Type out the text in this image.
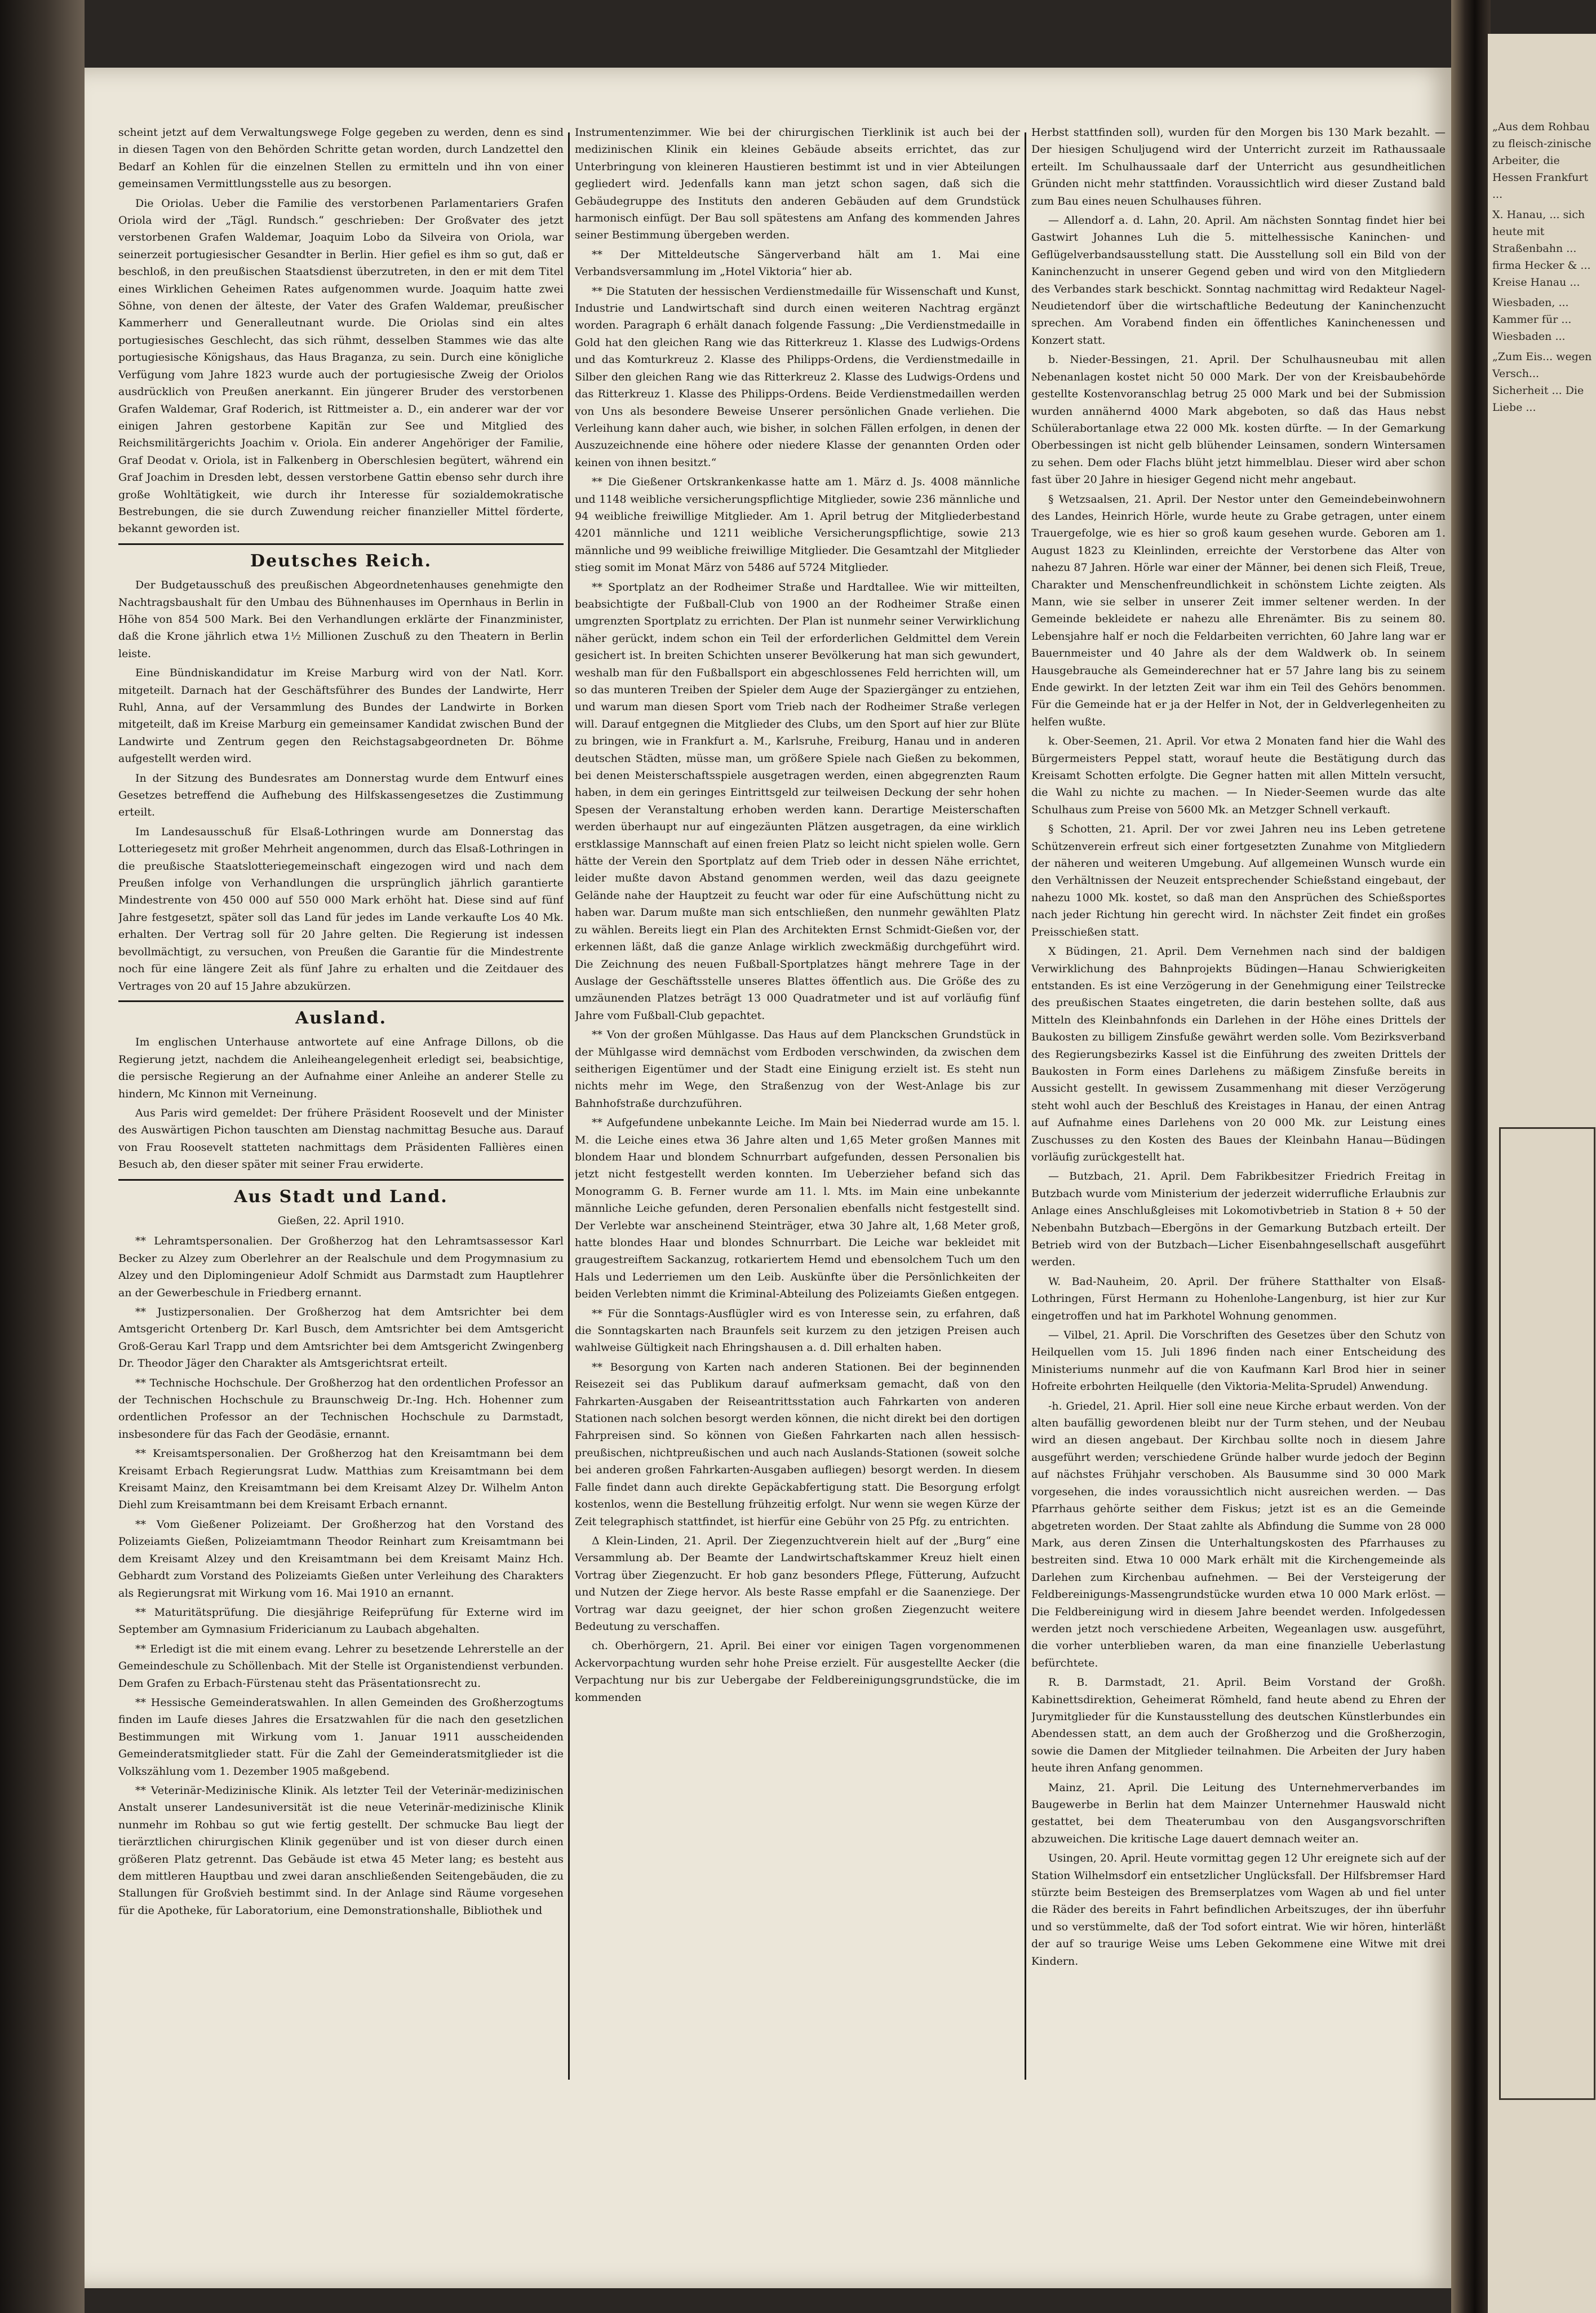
scheint jetzt auf dem Verwaltungswege Folge gegeben zu werden, denn es sind in diesen Tagen von den Behörden Schritte getan worden, durch Landzettel den Bedarf an Kohlen für die einzelnen Stellen zu ermitteln und ihn von einer gemeinsamen Vermittlungsstelle aus zu besorgen.

Die Oriolas. Ueber die Familie des verstorbenen Parlamentariers Grafen Oriola wird der „Tägl. Rundsch.“ geschrieben: Der Großvater des jetzt verstorbenen Grafen Waldemar, Joaquim Lobo da Silveira von Oriola, war seinerzeit portugiesischer Gesandter in Berlin. Hier gefiel es ihm so gut, daß er beschloß, in den preußischen Staatsdienst überzutreten, in den er mit dem Titel eines Wirklichen Geheimen Rates aufgenommen wurde. Joaquim hatte zwei Söhne, von denen der älteste, der Vater des Grafen Waldemar, preußischer Kammerherr und Generalleutnant wurde. Die Oriolas sind ein altes portugiesisches Geschlecht, das sich rühmt, desselben Stammes wie das alte portugiesische Königshaus, das Haus Braganza, zu sein. Durch eine königliche Verfügung vom Jahre 1823 wurde auch der portugiesische Zweig der Oriolos ausdrücklich von Preußen anerkannt. Ein jüngerer Bruder des verstorbenen Grafen Waldemar, Graf Roderich, ist Rittmeister a. D., ein anderer war der vor einigen Jahren gestorbene Kapitän zur See und Mitglied des Reichsmilitärgerichts Joachim v. Oriola. Ein anderer Angehöriger der Familie, Graf Deodat v. Oriola, ist in Falkenberg in Oberschlesien begütert, während ein Graf Joachim in Dresden lebt, dessen verstorbene Gattin ebenso sehr durch ihre große Wohltätigkeit, wie durch ihr Interesse für sozialdemokratische Bestrebungen, die sie durch Zuwendung reicher finanzieller Mittel förderte, bekannt geworden ist.

Deutsches Reich.

Der Budgetausschuß des preußischen Abgeordnetenhauses genehmigte den Nachtragsbaushalt für den Umbau des Bühnenhauses im Opernhaus in Berlin in Höhe von 854 500 Mark. Bei den Verhandlungen erklärte der Finanzminister, daß die Krone jährlich etwa 1½ Millionen Zuschuß zu den Theatern in Berlin leiste.

Eine Bündniskandidatur im Kreise Marburg wird von der Natl. Korr. mitgeteilt. Darnach hat der Geschäftsführer des Bundes der Landwirte, Herr Ruhl, Anna, auf der Versammlung des Bundes der Landwirte in Borken mitgeteilt, daß im Kreise Marburg ein gemeinsamer Kandidat zwischen Bund der Landwirte und Zentrum gegen den Reichstagsabgeordneten Dr. Böhme aufgestellt werden wird.

In der Sitzung des Bundesrates am Donnerstag wurde dem Entwurf eines Gesetzes betreffend die Aufhebung des Hilfskassengesetzes die Zustimmung erteilt.

Im Landesausschuß für Elsaß-Lothringen wurde am Donnerstag das Lotteriegesetz mit großer Mehrheit angenommen, durch das Elsaß-Lothringen in die preußische Staatslotteriegemeinschaft eingezogen wird und nach dem Preußen infolge von Verhandlungen die ursprünglich jährlich garantierte Mindestrente von 450 000 auf 550 000 Mark erhöht hat. Diese sind auf fünf Jahre festgesetzt, später soll das Land für jedes im Lande verkaufte Los 40 Mk. erhalten. Der Vertrag soll für 20 Jahre gelten. Die Regierung ist indessen bevollmächtigt, zu versuchen, von Preußen die Garantie für die Mindestrente noch für eine längere Zeit als fünf Jahre zu erhalten und die Zeitdauer des Vertrages von 20 auf 15 Jahre abzukürzen.

Ausland.

Im englischen Unterhause antwortete auf eine Anfrage Dillons, ob die Regierung jetzt, nachdem die Anleiheangelegenheit erledigt sei, beabsichtige, die persische Regierung an der Aufnahme einer Anleihe an anderer Stelle zu hindern, Mc Kinnon mit Verneinung.

Aus Paris wird gemeldet: Der frühere Präsident Roosevelt und der Minister des Auswärtigen Pichon tauschten am Dienstag nachmittag Besuche aus. Darauf von Frau Roosevelt statteten nachmittags dem Präsidenten Fallières einen Besuch ab, den dieser später mit seiner Frau erwiderte.

Aus Stadt und Land.

Gießen, 22. April 1910.

** Lehramtspersonalien. Der Großherzog hat den Lehramtsassessor Karl Becker zu Alzey zum Oberlehrer an der Realschule und dem Progymnasium zu Alzey und den Diplomingenieur Adolf Schmidt aus Darmstadt zum Hauptlehrer an der Gewerbeschule in Friedberg ernannt.

** Justizpersonalien. Der Großherzog hat dem Amtsrichter bei dem Amtsgericht Ortenberg Dr. Karl Busch, dem Amtsrichter bei dem Amtsgericht Groß-Gerau Karl Trapp und dem Amtsrichter bei dem Amtsgericht Zwingenberg Dr. Theodor Jäger den Charakter als Amtsgerichtsrat erteilt.

** Technische Hochschule. Der Großherzog hat den ordentlichen Professor an der Technischen Hochschule zu Braunschweig Dr.-Ing. Hch. Hohenner zum ordentlichen Professor an der Technischen Hochschule zu Darmstadt, insbesondere für das Fach der Geodäsie, ernannt.

** Kreisamtspersonalien. Der Großherzog hat den Kreisamtmann bei dem Kreisamt Erbach Regierungsrat Ludw. Matthias zum Kreisamtmann bei dem Kreisamt Mainz, den Kreisamtmann bei dem Kreisamt Alzey Dr. Wilhelm Anton Diehl zum Kreisamtmann bei dem Kreisamt Erbach ernannt.

** Vom Gießener Polizeiamt. Der Großherzog hat den Vorstand des Polizeiamts Gießen, Polizeiamtmann Theodor Reinhart zum Kreisamtmann bei dem Kreisamt Alzey und den Kreisamtmann bei dem Kreisamt Mainz Hch. Gebhardt zum Vorstand des Polizeiamts Gießen unter Verleihung des Charakters als Regierungsrat mit Wirkung vom 16. Mai 1910 an ernannt.

** Maturitätsprüfung. Die diesjährige Reifeprüfung für Externe wird im September am Gymnasium Fridericianum zu Laubach abgehalten.

** Erledigt ist die mit einem evang. Lehrer zu besetzende Lehrerstelle an der Gemeindeschule zu Schöllenbach. Mit der Stelle ist Organistendienst verbunden. Dem Grafen zu Erbach-Fürstenau steht das Präsentationsrecht zu.

** Hessische Gemeinderatswahlen. In allen Gemeinden des Großherzogtums finden im Laufe dieses Jahres die Ersatzwahlen für die nach den gesetzlichen Bestimmungen mit Wirkung vom 1. Januar 1911 ausscheidenden Gemeinderatsmitglieder statt. Für die Zahl der Gemeinderatsmitglieder ist die Volkszählung vom 1. Dezember 1905 maßgebend.

** Veterinär-Medizinische Klinik. Als letzter Teil der Veterinär-medizinischen Anstalt unserer Landesuniversität ist die neue Veterinär-medizinische Klinik nunmehr im Rohbau so gut wie fertig gestellt. Der schmucke Bau liegt der tierärztlichen chirurgischen Klinik gegenüber und ist von dieser durch einen größeren Platz getrennt. Das Gebäude ist etwa 45 Meter lang; es besteht aus dem mittleren Hauptbau und zwei daran anschließenden Seitengebäuden, die zu Stallungen für Großvieh bestimmt sind. In der Anlage sind Räume vorgesehen für die Apotheke, für Laboratorium, eine Demonstrationshalle, Bibliothek und

Instrumentenzimmer. Wie bei der chirurgischen Tierklinik ist auch bei der medizinischen Klinik ein kleines Gebäude abseits errichtet, das zur Unterbringung von kleineren Haustieren bestimmt ist und in vier Abteilungen gegliedert wird. Jedenfalls kann man jetzt schon sagen, daß sich die Gebäudegruppe des Instituts den anderen Gebäuden auf dem Grundstück harmonisch einfügt. Der Bau soll spätestens am Anfang des kommenden Jahres seiner Bestimmung übergeben werden.

** Der Mitteldeutsche Sängerverband hält am 1. Mai eine Verbandsversammlung im „Hotel Viktoria“ hier ab.

** Die Statuten der hessischen Verdienstmedaille für Wissenschaft und Kunst, Industrie und Landwirtschaft sind durch einen weiteren Nachtrag ergänzt worden. Paragraph 6 erhält danach folgende Fassung: „Die Verdienstmedaille in Gold hat den gleichen Rang wie das Ritterkreuz 1. Klasse des Ludwigs-Ordens und das Komturkreuz 2. Klasse des Philipps-Ordens, die Verdienstmedaille in Silber den gleichen Rang wie das Ritterkreuz 2. Klasse des Ludwigs-Ordens und das Ritterkreuz 1. Klasse des Philipps-Ordens. Beide Verdienstmedaillen werden von Uns als besondere Beweise Unserer persönlichen Gnade verliehen. Die Verleihung kann daher auch, wie bisher, in solchen Fällen erfolgen, in denen der Auszuzeichnende eine höhere oder niedere Klasse der genannten Orden oder keinen von ihnen besitzt.“

** Die Gießener Ortskrankenkasse hatte am 1. März d. Js. 4008 männliche und 1148 weibliche versicherungspflichtige Mitglieder, sowie 236 männliche und 94 weibliche freiwillige Mitglieder. Am 1. April betrug der Mitgliederbestand 4201 männliche und 1211 weibliche Versicherungspflichtige, sowie 213 männliche und 99 weibliche freiwillige Mitglieder. Die Gesamtzahl der Mitglieder stieg somit im Monat März von 5486 auf 5724 Mitglieder.

** Sportplatz an der Rodheimer Straße und Hardtallee. Wie wir mitteilten, beabsichtigte der Fußball-Club von 1900 an der Rodheimer Straße einen umgrenzten Sportplatz zu errichten. Der Plan ist nunmehr seiner Verwirklichung näher gerückt, indem schon ein Teil der erforderlichen Geldmittel dem Verein gesichert ist. In breiten Schichten unserer Bevölkerung hat man sich gewundert, weshalb man für den Fußballsport ein abgeschlossenes Feld herrichten will, um so das munteren Treiben der Spieler dem Auge der Spaziergänger zu entziehen, und warum man diesen Sport vom Trieb nach der Rodheimer Straße verlegen will. Darauf entgegnen die Mitglieder des Clubs, um den Sport auf hier zur Blüte zu bringen, wie in Frankfurt a. M., Karlsruhe, Freiburg, Hanau und in anderen deutschen Städten, müsse man, um größere Spiele nach Gießen zu bekommen, bei denen Meisterschaftsspiele ausgetragen werden, einen abgegrenzten Raum haben, in dem ein geringes Eintrittsgeld zur teilweisen Deckung der sehr hohen Spesen der Veranstaltung erhoben werden kann. Derartige Meisterschaften werden überhaupt nur auf eingezäunten Plätzen ausgetragen, da eine wirklich erstklassige Mannschaft auf einen freien Platz so leicht nicht spielen wolle. Gern hätte der Verein den Sportplatz auf dem Trieb oder in dessen Nähe errichtet, leider mußte davon Abstand genommen werden, weil das dazu geeignete Gelände nahe der Hauptzeit zu feucht war oder für eine Aufschüttung nicht zu haben war. Darum mußte man sich entschließen, den nunmehr gewählten Platz zu wählen. Bereits liegt ein Plan des Architekten Ernst Schmidt-Gießen vor, der erkennen läßt, daß die ganze Anlage wirklich zweckmäßig durchgeführt wird. Die Zeichnung des neuen Fußball-Sportplatzes hängt mehrere Tage in der Auslage der Geschäftsstelle unseres Blattes öffentlich aus. Die Größe des zu umzäunenden Platzes beträgt 13 000 Quadratmeter und ist auf vorläufig fünf Jahre vom Fußball-Club gepachtet.

** Von der großen Mühlgasse. Das Haus auf dem Planckschen Grundstück in der Mühlgasse wird demnächst vom Erdboden verschwinden, da zwischen dem seitherigen Eigentümer und der Stadt eine Einigung erzielt ist. Es steht nun nichts mehr im Wege, den Straßenzug von der West-Anlage bis zur Bahnhofstraße durchzuführen.

** Aufgefundene unbekannte Leiche. Im Main bei Niederrad wurde am 15. l. M. die Leiche eines etwa 36 Jahre alten und 1,65 Meter großen Mannes mit blondem Haar und blondem Schnurrbart aufgefunden, dessen Personalien bis jetzt nicht festgestellt werden konnten. Im Ueberzieher befand sich das Monogramm G. B. Ferner wurde am 11. l. Mts. im Main eine unbekannte männliche Leiche gefunden, deren Personalien ebenfalls nicht festgestellt sind. Der Verlebte war anscheinend Steinträger, etwa 30 Jahre alt, 1,68 Meter groß, hatte blondes Haar und blondes Schnurrbart. Die Leiche war bekleidet mit graugestreiftem Sackanzug, rotkariertem Hemd und ebensolchem Tuch um den Hals und Lederriemen um den Leib. Auskünfte über die Persönlichkeiten der beiden Verlebten nimmt die Kriminal-Abteilung des Polizeiamts Gießen entgegen.

** Für die Sonntags-Ausflügler wird es von Interesse sein, zu erfahren, daß die Sonntagskarten nach Braunfels seit kurzem zu den jetzigen Preisen auch wahlweise Gültigkeit nach Ehringshausen a. d. Dill erhalten haben.

** Besorgung von Karten nach anderen Stationen. Bei der beginnenden Reisezeit sei das Publikum darauf aufmerksam gemacht, daß von den Fahrkarten-Ausgaben der Reiseantrittsstation auch Fahrkarten von anderen Stationen nach solchen besorgt werden können, die nicht direkt bei den dortigen Fahrpreisen sind. So können von Gießen Fahrkarten nach allen hessisch-preußischen, nichtpreußischen und auch nach Auslands-Stationen (soweit solche bei anderen großen Fahrkarten-Ausgaben aufliegen) besorgt werden. In diesem Falle findet dann auch direkte Gepäckabfertigung statt. Die Besorgung erfolgt kostenlos, wenn die Bestellung frühzeitig erfolgt. Nur wenn sie wegen Kürze der Zeit telegraphisch stattfindet, ist hierfür eine Gebühr von 25 Pfg. zu entrichten.

Δ Klein-Linden, 21. April. Der Ziegenzuchtverein hielt auf der „Burg“ eine Versammlung ab. Der Beamte der Landwirtschaftskammer Kreuz hielt einen Vortrag über Ziegenzucht. Er hob ganz besonders Pflege, Fütterung, Aufzucht und Nutzen der Ziege hervor. Als beste Rasse empfahl er die Saanenziege. Der Vortrag war dazu geeignet, der hier schon großen Ziegenzucht weitere Bedeutung zu verschaffen.

ch. Oberhörgern, 21. April. Bei einer vor einigen Tagen vorgenommenen Ackervorpachtung wurden sehr hohe Preise erzielt. Für ausgestellte Aecker (die Verpachtung nur bis zur Uebergabe der Feldbereinigungsgrundstücke, die im kommenden

Herbst stattfinden soll), wurden für den Morgen bis 130 Mark bezahlt. — Der hiesigen Schuljugend wird der Unterricht zurzeit im Rathaussaale erteilt. Im Schulhaussaale darf der Unterricht aus gesundheitlichen Gründen nicht mehr stattfinden. Voraussichtlich wird dieser Zustand bald zum Bau eines neuen Schulhauses führen.

— Allendorf a. d. Lahn, 20. April. Am nächsten Sonntag findet hier bei Gastwirt Johannes Luh die 5. mittelhessische Kaninchen- und Geflügelverbandsausstellung statt. Die Ausstellung soll ein Bild von der Kaninchenzucht in unserer Gegend geben und wird von den Mitgliedern des Verbandes stark beschickt. Sonntag nachmittag wird Redakteur Nagel-Neudietendorf über die wirtschaftliche Bedeutung der Kaninchenzucht sprechen. Am Vorabend finden ein öffentliches Kaninchenessen und Konzert statt.

b. Nieder-Bessingen, 21. April. Der Schulhausneubau mit allen Nebenanlagen kostet nicht 50 000 Mark. Der von der Kreisbaubehörde gestellte Kostenvoranschlag betrug 25 000 Mark und bei der Submission wurden annähernd 4000 Mark abgeboten, so daß das Haus nebst Schülerabortanlage etwa 22 000 Mk. kosten dürfte. — In der Gemarkung Oberbessingen ist nicht gelb blühender Leinsamen, sondern Wintersamen zu sehen. Dem oder Flachs blüht jetzt himmelblau. Dieser wird aber schon fast über 20 Jahre in hiesiger Gegend nicht mehr angebaut.

§ Wetzsaalsen, 21. April. Der Nestor unter den Gemeindebeinwohnern des Landes, Heinrich Hörle, wurde heute zu Grabe getragen, unter einem Trauergefolge, wie es hier so groß kaum gesehen wurde. Geboren am 1. August 1823 zu Kleinlinden, erreichte der Verstorbene das Alter von nahezu 87 Jahren. Hörle war einer der Männer, bei denen sich Fleiß, Treue, Charakter und Menschenfreundlichkeit in schönstem Lichte zeigten. Als Mann, wie sie selber in unserer Zeit immer seltener werden. In der Gemeinde bekleidete er nahezu alle Ehrenämter. Bis zu seinem 80. Lebensjahre half er noch die Feldarbeiten verrichten, 60 Jahre lang war er Bauernmeister und 40 Jahre als der dem Waldwerk ob. In seinem Hausgebrauche als Gemeinderechner hat er 57 Jahre lang bis zu seinem Ende gewirkt. In der letzten Zeit war ihm ein Teil des Gehörs benommen. Für die Gemeinde hat er ja der Helfer in Not, der in Geldverlegenheiten zu helfen wußte.

k. Ober-Seemen, 21. April. Vor etwa 2 Monaten fand hier die Wahl des Bürgermeisters Peppel statt, worauf heute die Bestätigung durch das Kreisamt Schotten erfolgte. Die Gegner hatten mit allen Mitteln versucht, die Wahl zu nichte zu machen. — In Nieder-Seemen wurde das alte Schulhaus zum Preise von 5600 Mk. an Metzger Schnell verkauft.

§ Schotten, 21. April. Der vor zwei Jahren neu ins Leben getretene Schützenverein erfreut sich einer fortgesetzten Zunahme von Mitgliedern der näheren und weiteren Umgebung. Auf allgemeinen Wunsch wurde ein den Verhältnissen der Neuzeit entsprechender Schießstand eingebaut, der nahezu 1000 Mk. kostet, so daß man den Ansprüchen des Schießsportes nach jeder Richtung hin gerecht wird. In nächster Zeit findet ein großes Preisschießen statt.

X Büdingen, 21. April. Dem Vernehmen nach sind der baldigen Verwirklichung des Bahnprojekts Büdingen—Hanau Schwierigkeiten entstanden. Es ist eine Verzögerung in der Genehmigung einer Teilstrecke des preußischen Staates eingetreten, die darin bestehen sollte, daß aus Mitteln des Kleinbahnfonds ein Darlehen in der Höhe eines Drittels der Baukosten zu billigem Zinsfuße gewährt werden solle. Vom Bezirksverband des Regierungsbezirks Kassel ist die Einführung des zweiten Drittels der Baukosten in Form eines Darlehens zu mäßigem Zinsfuße bereits in Aussicht gestellt. In gewissem Zusammenhang mit dieser Verzögerung steht wohl auch der Beschluß des Kreistages in Hanau, der einen Antrag auf Aufnahme eines Darlehens von 20 000 Mk. zur Leistung eines Zuschusses zu den Kosten des Baues der Kleinbahn Hanau—Büdingen vorläufig zurückgestellt hat.

— Butzbach, 21. April. Dem Fabrikbesitzer Friedrich Freitag in Butzbach wurde vom Ministerium der jederzeit widerrufliche Erlaubnis zur Anlage eines Anschlußgleises mit Lokomotivbetrieb in Station 8 + 50 der Nebenbahn Butzbach—Ebergöns in der Gemarkung Butzbach erteilt. Der Betrieb wird von der Butzbach—Licher Eisenbahngesellschaft ausgeführt werden.

W. Bad-Nauheim, 20. April. Der frühere Statthalter von Elsaß-Lothringen, Fürst Hermann zu Hohenlohe-Langenburg, ist hier zur Kur eingetroffen und hat im Parkhotel Wohnung genommen.

— Vilbel, 21. April. Die Vorschriften des Gesetzes über den Schutz von Heilquellen vom 15. Juli 1896 finden nach einer Entscheidung des Ministeriums nunmehr auf die von Kaufmann Karl Brod hier in seiner Hofreite erbohrten Heilquelle (den Viktoria-Melita-Sprudel) Anwendung.

-h. Griedel, 21. April. Hier soll eine neue Kirche erbaut werden. Von der alten baufällig gewordenen bleibt nur der Turm stehen, und der Neubau wird an diesen angebaut. Der Kirchbau sollte noch in diesem Jahre ausgeführt werden; verschiedene Gründe halber wurde jedoch der Beginn auf nächstes Frühjahr verschoben. Als Bausumme sind 30 000 Mark vorgesehen, die indes voraussichtlich nicht ausreichen werden. — Das Pfarrhaus gehörte seither dem Fiskus; jetzt ist es an die Gemeinde abgetreten worden. Der Staat zahlte als Abfindung die Summe von 28 000 Mark, aus deren Zinsen die Unterhaltungskosten des Pfarrhauses zu bestreiten sind. Etwa 10 000 Mark erhält mit die Kirchengemeinde als Darlehen zum Kirchenbau aufnehmen. — Bei der Versteigerung der Feldbereinigungs-Massengrundstücke wurden etwa 10 000 Mark erlöst. — Die Feldbereinigung wird in diesem Jahre beendet werden. Infolgedessen werden jetzt noch verschiedene Arbeiten, Wegeanlagen usw. ausgeführt, die vorher unterblieben waren, da man eine finanzielle Ueberlastung befürchtete.

R. B. Darmstadt, 21. April. Beim Vorstand der Großh. Kabinettsdirektion, Geheimerat Römheld, fand heute abend zu Ehren der Jurymitglieder für die Kunstausstellung des deutschen Künstlerbundes ein Abendessen statt, an dem auch der Großherzog und die Großherzogin, sowie die Damen der Mitglieder teilnahmen. Die Arbeiten der Jury haben heute ihren Anfang genommen.

Mainz, 21. April. Die Leitung des Unternehmerverbandes im Baugewerbe in Berlin hat dem Mainzer Unternehmer Hauswald nicht gestattet, bei dem Theaterumbau von den Ausgangsvorschriften abzuweichen. Die kritische Lage dauert demnach weiter an.

Usingen, 20. April. Heute vormittag gegen 12 Uhr ereignete sich auf der Station Wilhelmsdorf ein entsetzlicher Unglücksfall. Der Hilfsbremser Hard stürzte beim Besteigen des Bremserplatzes vom Wagen ab und fiel unter die Räder des bereits in Fahrt befindlichen Arbeitszuges, der ihn überfuhr und so verstümmelte, daß der Tod sofort eintrat. Wie wir hören, hinterläßt der auf so traurige Weise ums Leben Gekommene eine Witwe mit drei Kindern.

„Aus dem Rohbau zu fleisch-zinische Arbeiter, die Hessen Frankfurt ...

X. Hanau, ... sich heute mit Straßenbahn ... firma Hecker & ... Kreise Hanau ...

Wiesbaden, ... Kammer für ... Wiesbaden ...

„Zum Eis... wegen Versch... Sicherheit ... Die Liebe ...
